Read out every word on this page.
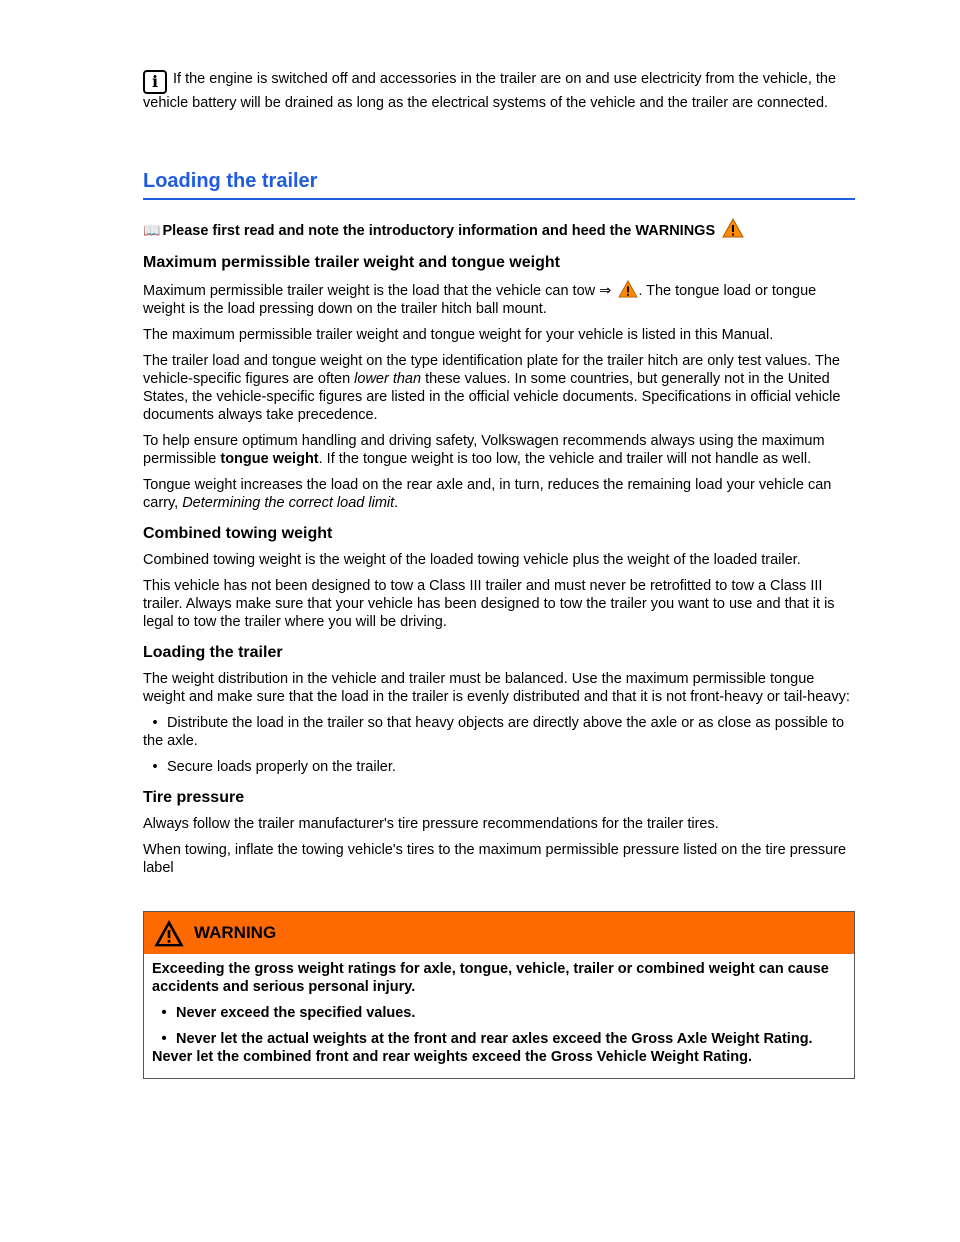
i If the engine is switched off and accessories in the trailer are on and use electricity from the vehicle, the vehicle battery will be drained as long as the electrical systems of the vehicle and the trailer are connected.

Loading the trailer
📖 Please first read and note the introductory information and heed the WARNINGS
Maximum permissible trailer weight and tongue weight

Maximum permissible trailer weight is the load that the vehicle can tow ⇒ . The tongue load or tongue weight is the load pressing down on the trailer hitch ball mount.

The maximum permissible trailer weight and tongue weight for your vehicle is listed in this Manual.

The trailer load and tongue weight on the type identification plate for the trailer hitch are only test values. The vehicle-specific figures are often lower than these values. In some countries, but generally not in the United States, the vehicle-specific figures are listed in the official vehicle documents. Specifications in official vehicle documents always take precedence.

To help ensure optimum handling and driving safety, Volkswagen recommends always using the maximum permissible tongue weight. If the tongue weight is too low, the vehicle and trailer will not handle as well.

Tongue weight increases the load on the rear axle and, in turn, reduces the remaining load your vehicle can carry, Determining the correct load limit.

Combined towing weight

Combined towing weight is the weight of the loaded towing vehicle plus the weight of the loaded trailer.

This vehicle has not been designed to tow a Class III trailer and must never be retrofitted to tow a Class III trailer. Always make sure that your vehicle has been designed to tow the trailer you want to use and that it is legal to tow the trailer where you will be driving.

Loading the trailer

The weight distribution in the vehicle and trailer must be balanced. Use the maximum permissible tongue weight and make sure that the load in the trailer is evenly distributed and that it is not front-heavy or tail-heavy:

• Distribute the load in the trailer so that heavy objects are directly above the axle or as close as possible to the axle.

• Secure loads properly on the trailer.

Tire pressure

Always follow the trailer manufacturer's tire pressure recommendations for the trailer tires.

When towing, inflate the towing vehicle's tires to the maximum permissible pressure listed on the tire pressure label

WARNING

Exceeding the gross weight ratings for axle, tongue, vehicle, trailer or combined weight can cause accidents and serious personal injury.

• Never exceed the specified values.

• Never let the actual weights at the front and rear axles exceed the Gross Axle Weight Rating. Never let the combined front and rear weights exceed the Gross Vehicle Weight Rating.
